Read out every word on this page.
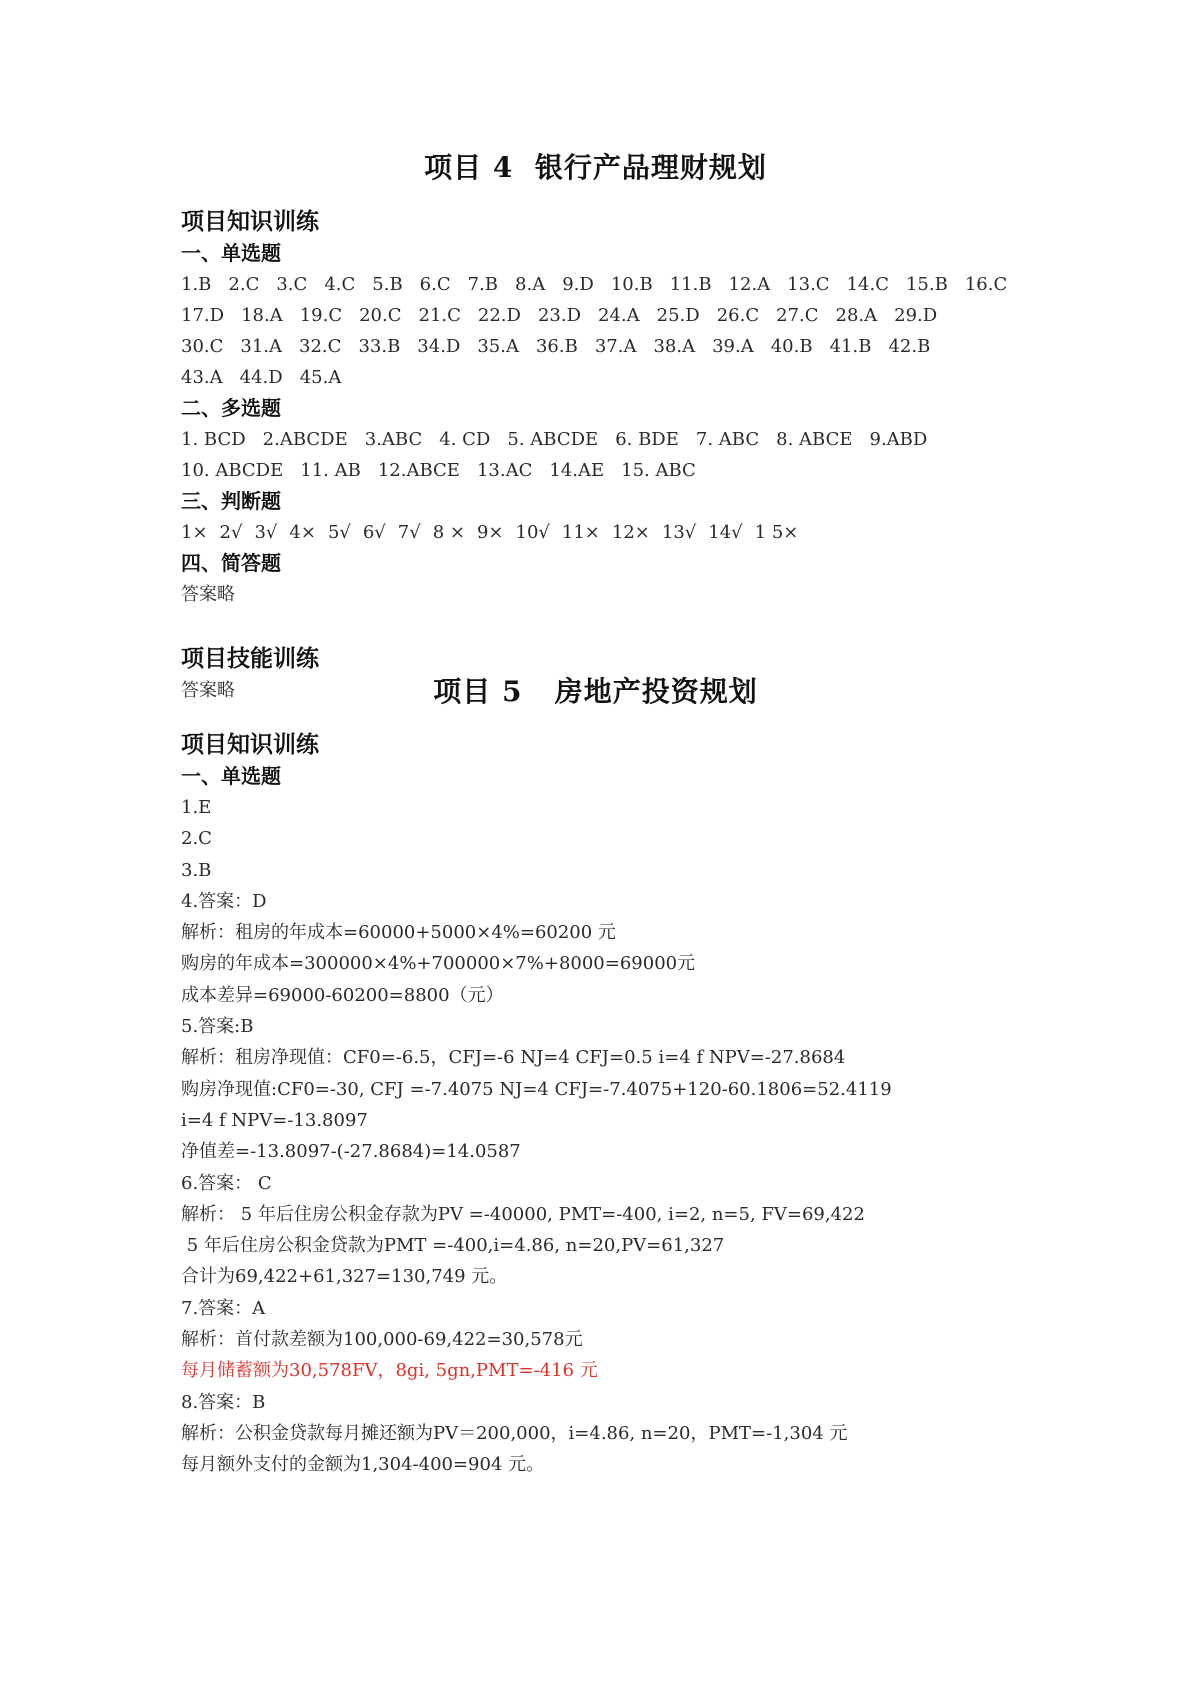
项目 4  银行产品理财规划
项目知识训练
一、单选题
1.B 2.C 3.C 4.C 5.B 6.C 7.B 8.A 9.D 10.B 11.B 12.A 13.C 14.C 15.B 16.C
17.D 18.A 19.C 20.C 21.C 22.D 23.D 24.A 25.D 26.C 27.C 28.A 29.D
30.C 31.A 32.C 33.B 34.D 35.A 36.B 37.A 38.A 39.A 40.B 41.B 42.B
43.A 44.D 45.A
二、多选题
1. BCD 2.ABCDE 3.ABC 4. CD 5. ABCDE 6. BDE 7. ABC 8. ABCE 9.ABD
10. ABCDE 11. AB 12.ABCE 13.AC 14.AE 15. ABC
三、判断题
1× 2√ 3√ 4× 5√ 6√ 7√ 8 × 9× 10√ 11× 12× 13√ 14√ 1 5×
四、简答题
答案略
项目技能训练
答案略	项目 5   房地产投资规划
项目知识训练
一、单选题
1.E
2.C
3.B
4.答案：D
解析：租房的年成本=60000+5000×4%=60200 元
购房的年成本=300000×4%+700000×7%+8000=69000元
成本差异=69000-60200=8800（元）
5.答案:B
解析：租房净现值：CF0=-6.5，CFJ=-6 NJ=4 CFJ=0.5 i=4 f NPV=-27.8684
购房净现值:CF0=-30, CFJ =-7.4075 NJ=4 CFJ=-7.4075+120-60.1806=52.4119
i=4 f NPV=-13.8097
净值差=-13.8097-(-27.8684)=14.0587
6.答案： C
解析： 5 年后住房公积金存款为PV =-40000, PMT=-400, i=2, n=5, FV=69,422
5 年后住房公积金贷款为PMT =-400,i=4.86, n=20,PV=61,327
合计为69,422+61,327=130,749 元。
7.答案：A
解析：首付款差额为100,000-69,422=30,578元
每月储蓄额为30,578FV，8gi, 5gn,PMT=-416 元
8.答案：B
解析：公积金贷款每月摊还额为PV＝200,000，i=4.86, n=20，PMT=-1,304 元
每月额外支付的金额为1,304-400=904 元。
